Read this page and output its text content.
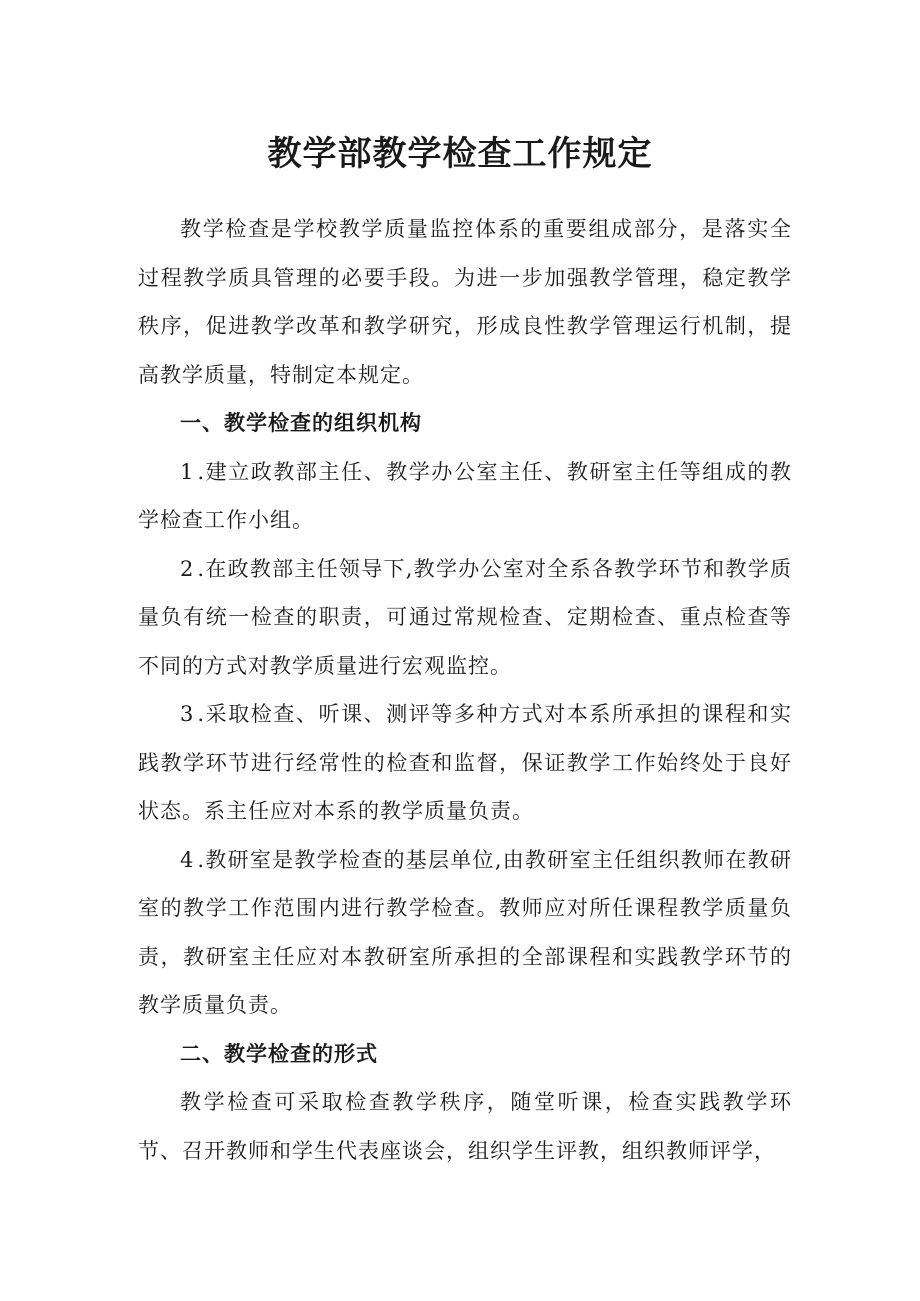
教学部教学检查工作规定

教学检查是学校教学质量监控体系的重要组成部分，是落实全过程教学质具管理的必要手段。为进一步加强教学管理，稳定教学秩序，促进教学改革和教学研究，形成良性教学管理运行机制，提高教学质量，特制定本规定。

一、教学检查的组织机构

1.建立政教部主任、教学办公室主任、教研室主任等组成的教学检查工作小组。

2.在政教部主任领导下,教学办公室对全系各教学环节和教学质量负有统一检查的职责，可通过常规检查、定期检查、重点检查等不同的方式对教学质量进行宏观监控。

3.采取检查、听课、测评等多种方式对本系所承担的课程和实践教学环节进行经常性的检查和监督，保证教学工作始终处于良好状态。系主任应对本系的教学质量负责。

4.教研室是教学检查的基层单位,由教研室主任组织教师在教研室的教学工作范围内进行教学检查。教师应对所任课程教学质量负责，教研室主任应对本教研室所承担的全部课程和实践教学环节的教学质量负责。

二、教学检查的形式

教学检查可采取检查教学秩序，随堂听课，检查实践教学环节、召开教师和学生代表座谈会，组织学生评教，组织教师评学，
